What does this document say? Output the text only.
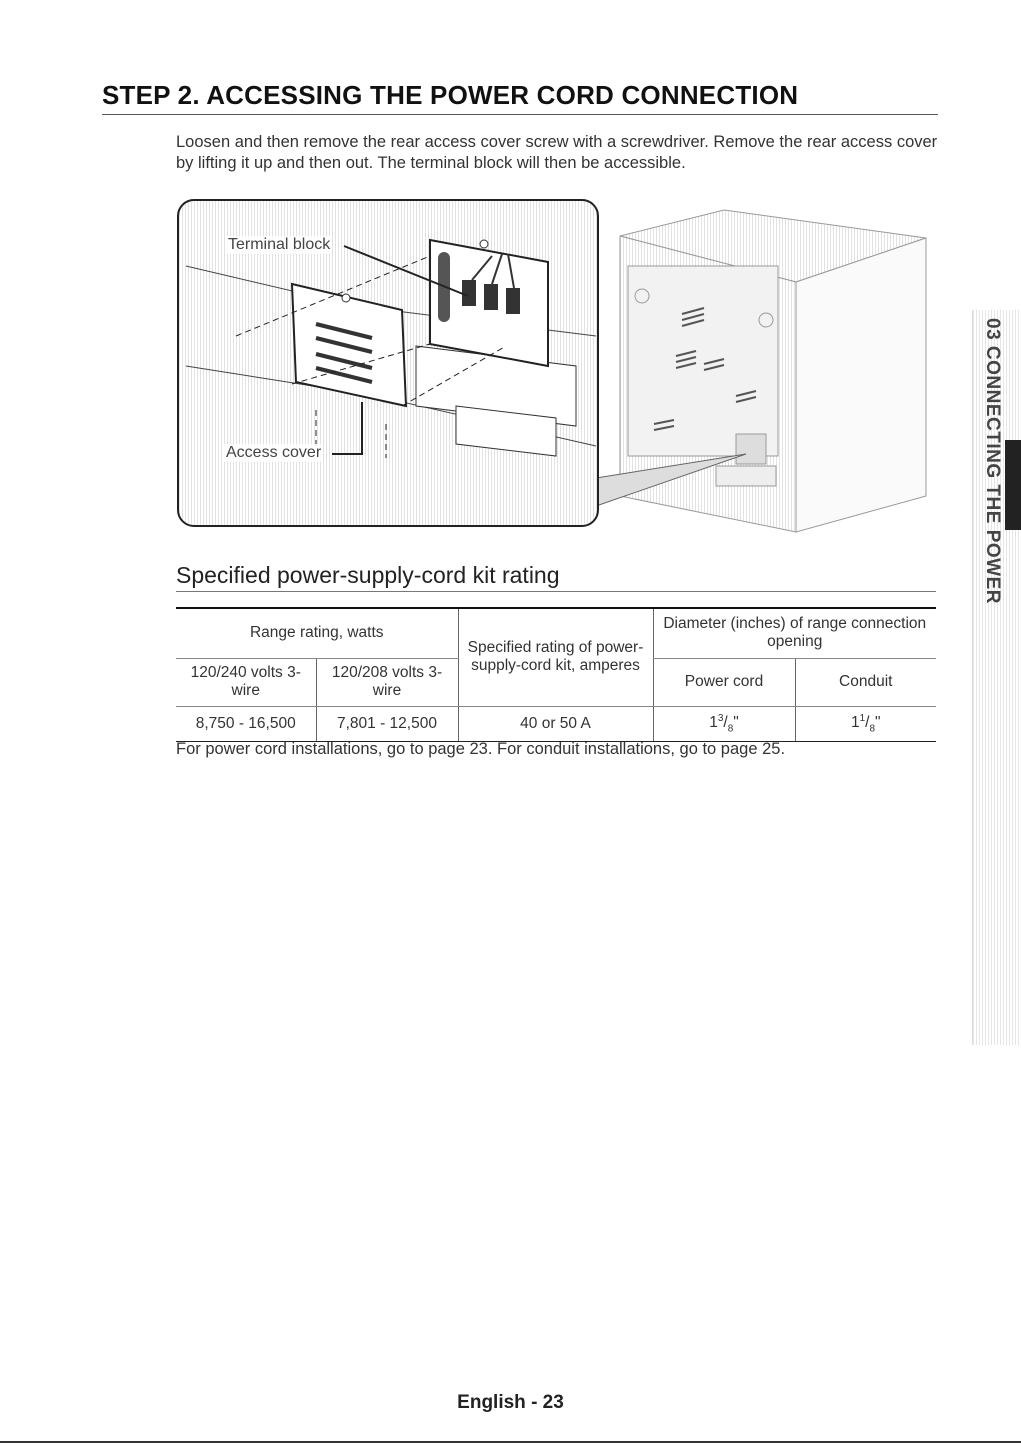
STEP 2. ACCESSING THE POWER CORD CONNECTION
Loosen and then remove the rear access cover screw with a screwdriver. Remove the rear access cover by lifting it up and then out. The terminal block will then be accessible.
Terminal block
Access cover
Specified power-supply-cord kit rating
Range rating, watts		Specified rating of power-supply-cord kit, amperes	Diameter (inches) of range connection opening	
120/240 volts 3-wire	120/208 volts 3-wire		Power cord	Conduit
8,750 - 16,500	7,801 - 12,500	40 or 50 A	$1^3/_8$"	$1^1/_8$"
For power cord installations, go to page 23. For conduit installations, go to page 25.
03 CONNECTING THE POWER
English - 23
